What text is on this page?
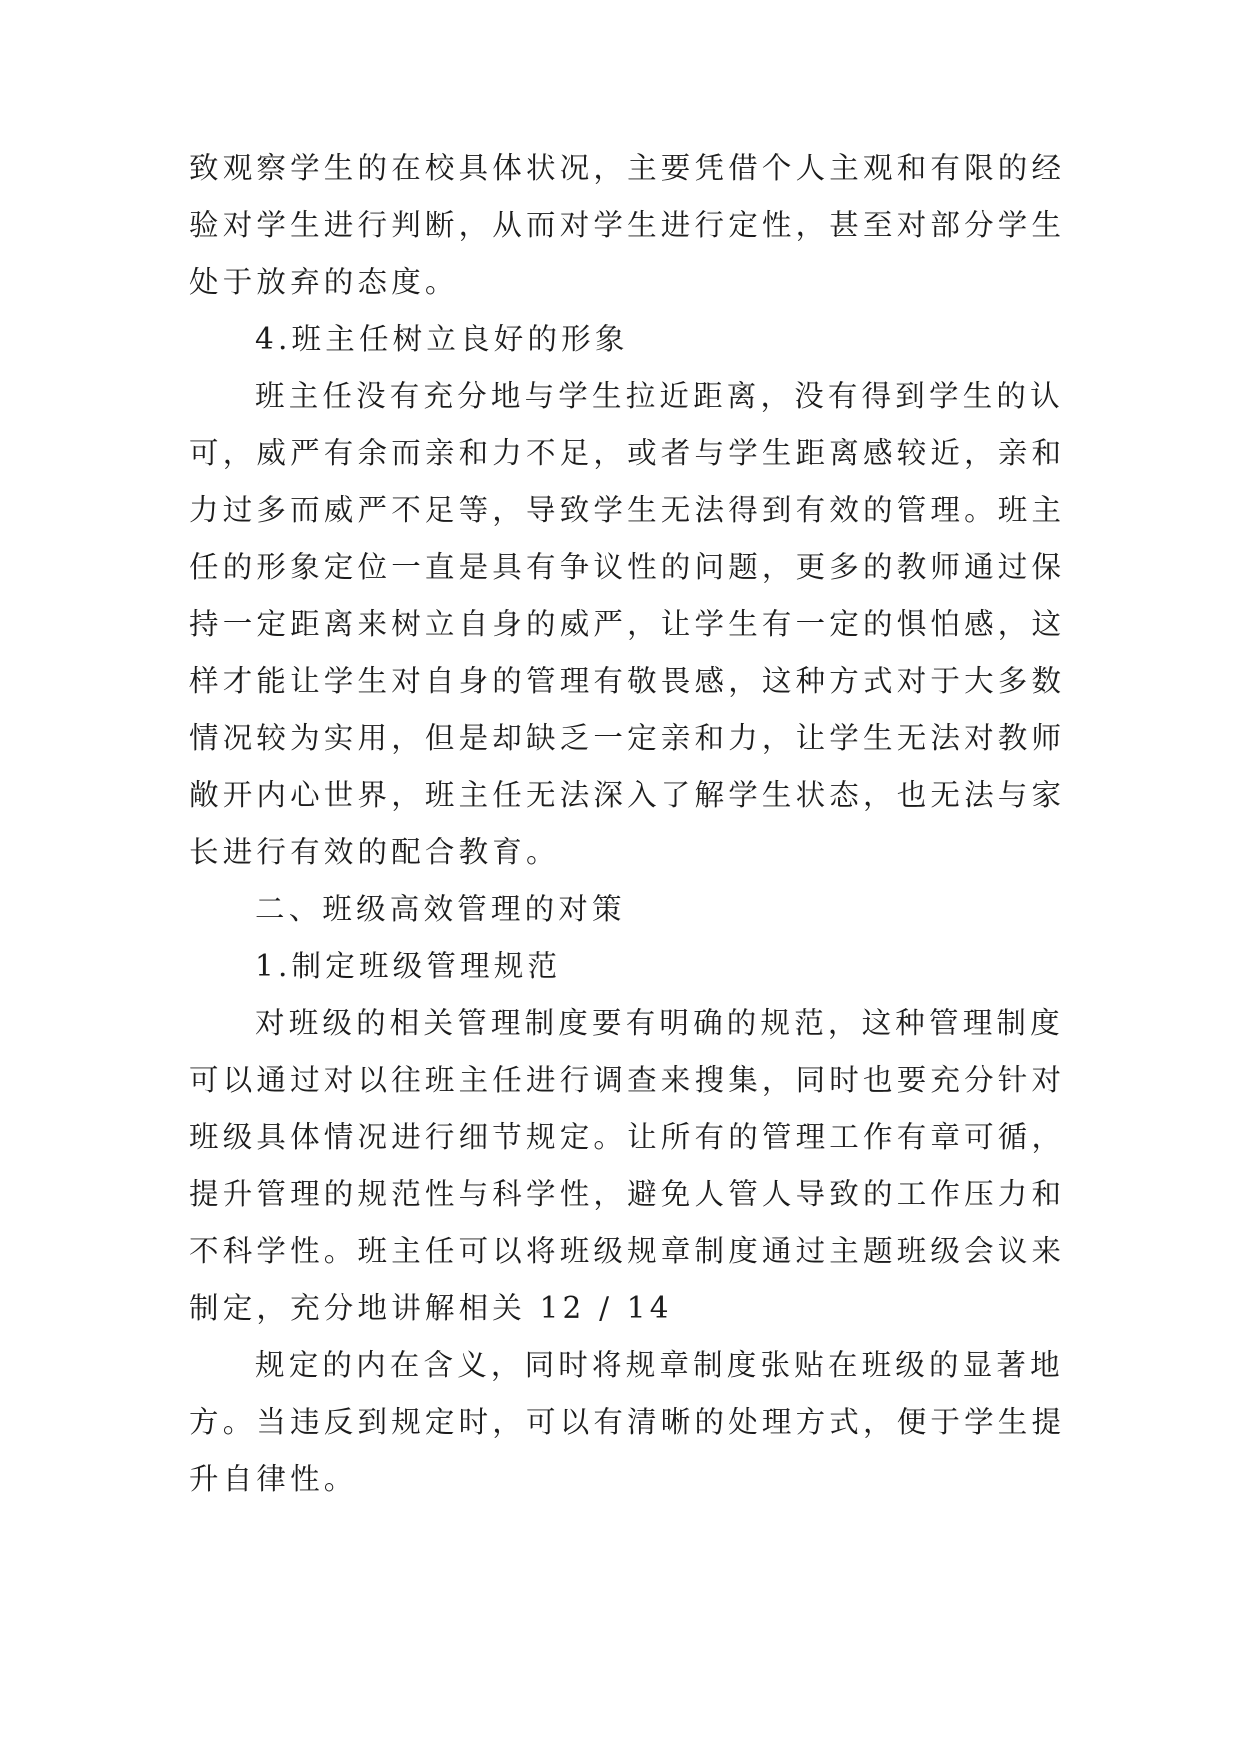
致观察学生的在校具体状况，主要凭借个人主观和有限的经
验对学生进行判断，从而对学生进行定性，甚至对部分学生
处于放弃的态度。
4.班主任树立良好的形象
班主任没有充分地与学生拉近距离，没有得到学生的认
可，威严有余而亲和力不足，或者与学生距离感较近，亲和
力过多而威严不足等，导致学生无法得到有效的管理。班主
任的形象定位一直是具有争议性的问题，更多的教师通过保
持一定距离来树立自身的威严，让学生有一定的惧怕感，这
样才能让学生对自身的管理有敬畏感，这种方式对于大多数
情况较为实用，但是却缺乏一定亲和力，让学生无法对教师
敞开内心世界，班主任无法深入了解学生状态，也无法与家
长进行有效的配合教育。
二、班级高效管理的对策
1.制定班级管理规范
对班级的相关管理制度要有明确的规范，这种管理制度
可以通过对以往班主任进行调查来搜集，同时也要充分针对
班级具体情况进行细节规定。让所有的管理工作有章可循，
提升管理的规范性与科学性，避免人管人导致的工作压力和
不科学性。班主任可以将班级规章制度通过主题班级会议来
制定，充分地讲解相关 12 / 14
规定的内在含义，同时将规章制度张贴在班级的显著地
方。当违反到规定时，可以有清晰的处理方式，便于学生提
升自律性。
